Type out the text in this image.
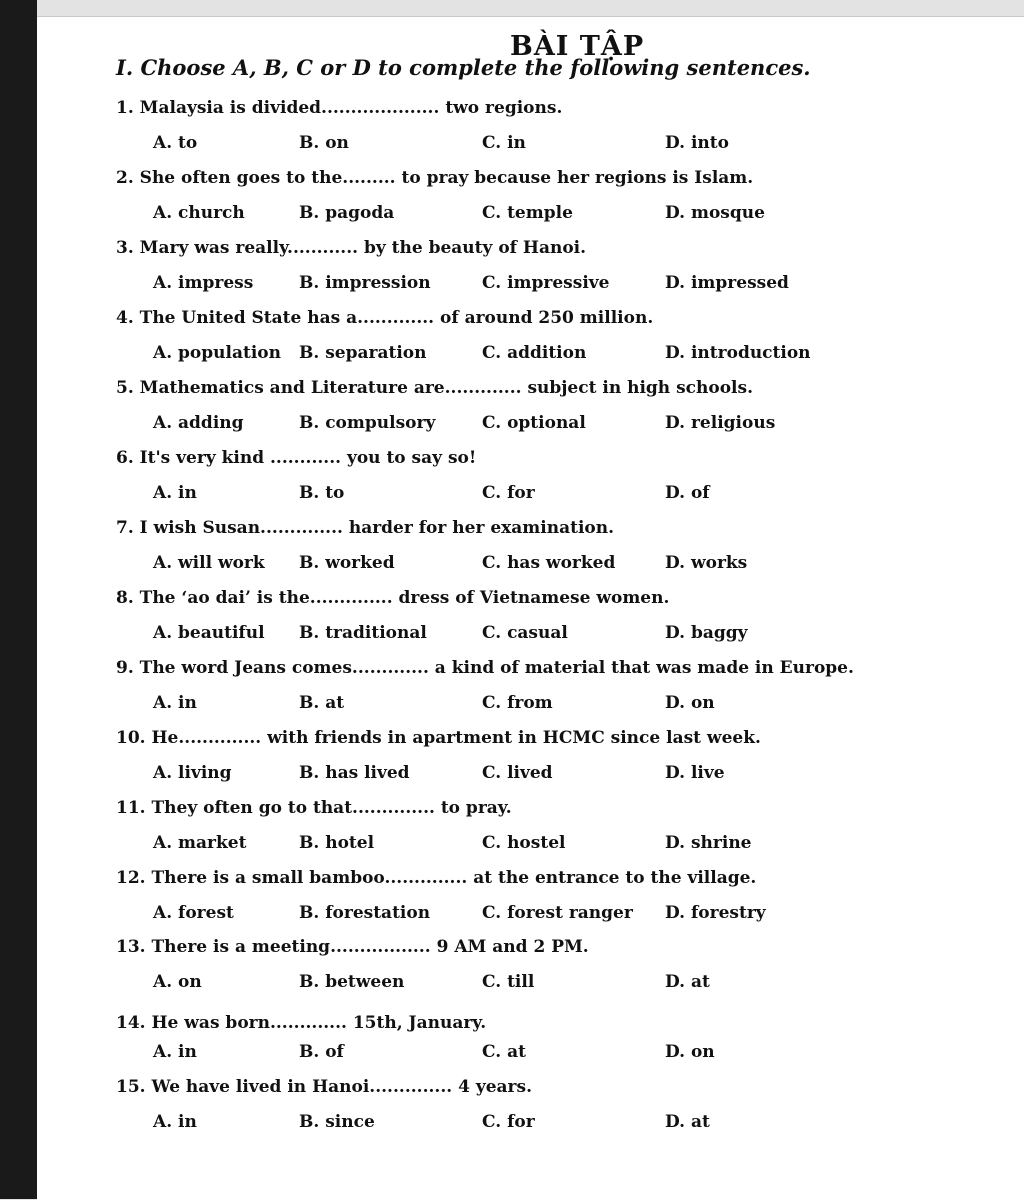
BÀI TẬP
I. Choose A, B, C or D to complete the following sentences.
1. Malaysia is divided.................... two regions.
A. to	B. on	C. in	D. into
2. She often goes to the......... to pray because her regions is Islam.
A. church	B. pagoda	C. temple	D. mosque
3. Mary was really............ by the beauty of Hanoi.
A. impress	B. impression	C. impressive	D. impressed
4. The United State has a............. of around 250 million.
A. population B. separation	C. addition	D. introduction
5. Mathematics and Literature are............. subject in high schools.
A. adding	B. compulsory	C. optional	D. religious
6. It's very kind ............ you to say so!
A. in	B. to	C. for	D. of
7. I wish Susan.............. harder for her examination.
A. will work B. worked	C. has worked	D. works
8. The ‘ao dai’ is the.............. dress of Vietnamese women.
A. beautiful B. traditional	C. casual	D. baggy
9. The word Jeans comes............. a kind of material that was made in Europe.
A. in	B. at	C. from	D. on
10. He.............. with friends in apartment in HCMC since last week.
A. living	B. has lived	C. lived	D. live
11. They often go to that.............. to pray.
A. market	B. hotel	C. hostel	D. shrine
12. There is a small bamboo.............. at the entrance to the village.
A. forest	B. forestation	C. forest ranger D. forestry
13. There is a meeting................. 9 AM and 2 PM.
A. on	B. between	C. till	D. at
14. He was born............. 15th, January.
A. in	B. of	C. at	D. on
15. We have lived in Hanoi.............. 4 years.
A. in	B. since	C. for	D. at
